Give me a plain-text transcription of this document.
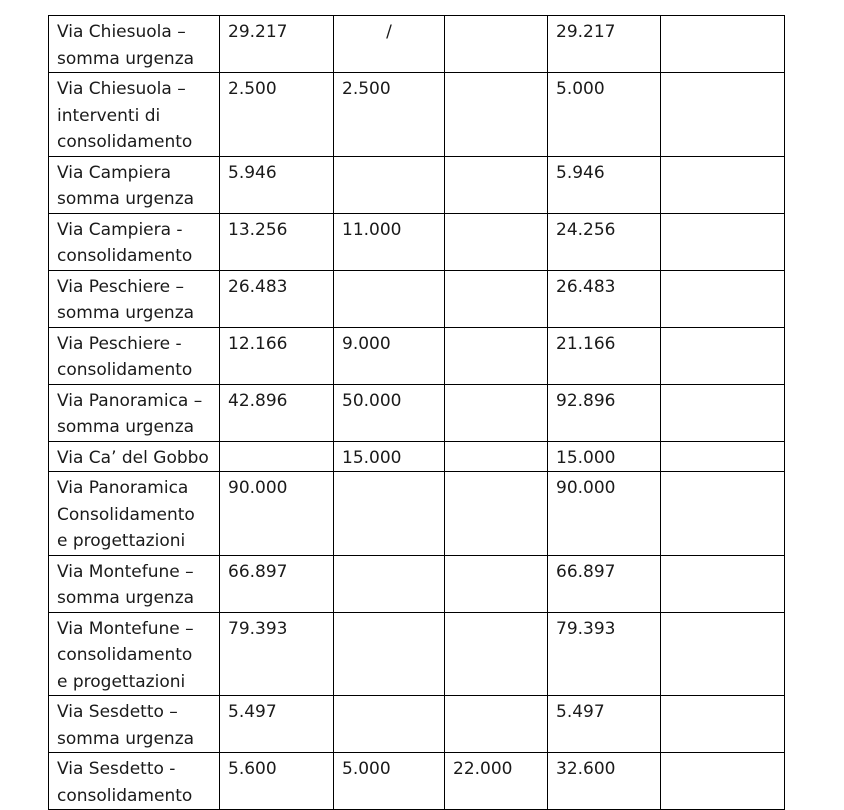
Via Chiesuola –
somma urgenza	29.217	/		29.217	
Via Chiesuola –
interventi di
consolidamento	2.500	2.500		5.000	
Via Campiera
somma urgenza	5.946			5.946	
Via Campiera -
consolidamento	13.256	11.000		24.256	
Via Peschiere –
somma urgenza	26.483			26.483	
Via Peschiere -
consolidamento	12.166	9.000		21.166	
Via Panoramica –
somma urgenza	42.896	50.000		92.896	
Via Ca’ del Gobbo		15.000		15.000	
Via Panoramica
Consolidamento
e progettazioni	90.000			90.000	
Via Montefune –
somma urgenza	66.897			66.897	
Via Montefune –
consolidamento
e progettazioni	79.393			79.393	
Via Sesdetto –
somma urgenza	5.497			5.497	
Via Sesdetto -
consolidamento	5.600	5.000	22.000	32.600	
